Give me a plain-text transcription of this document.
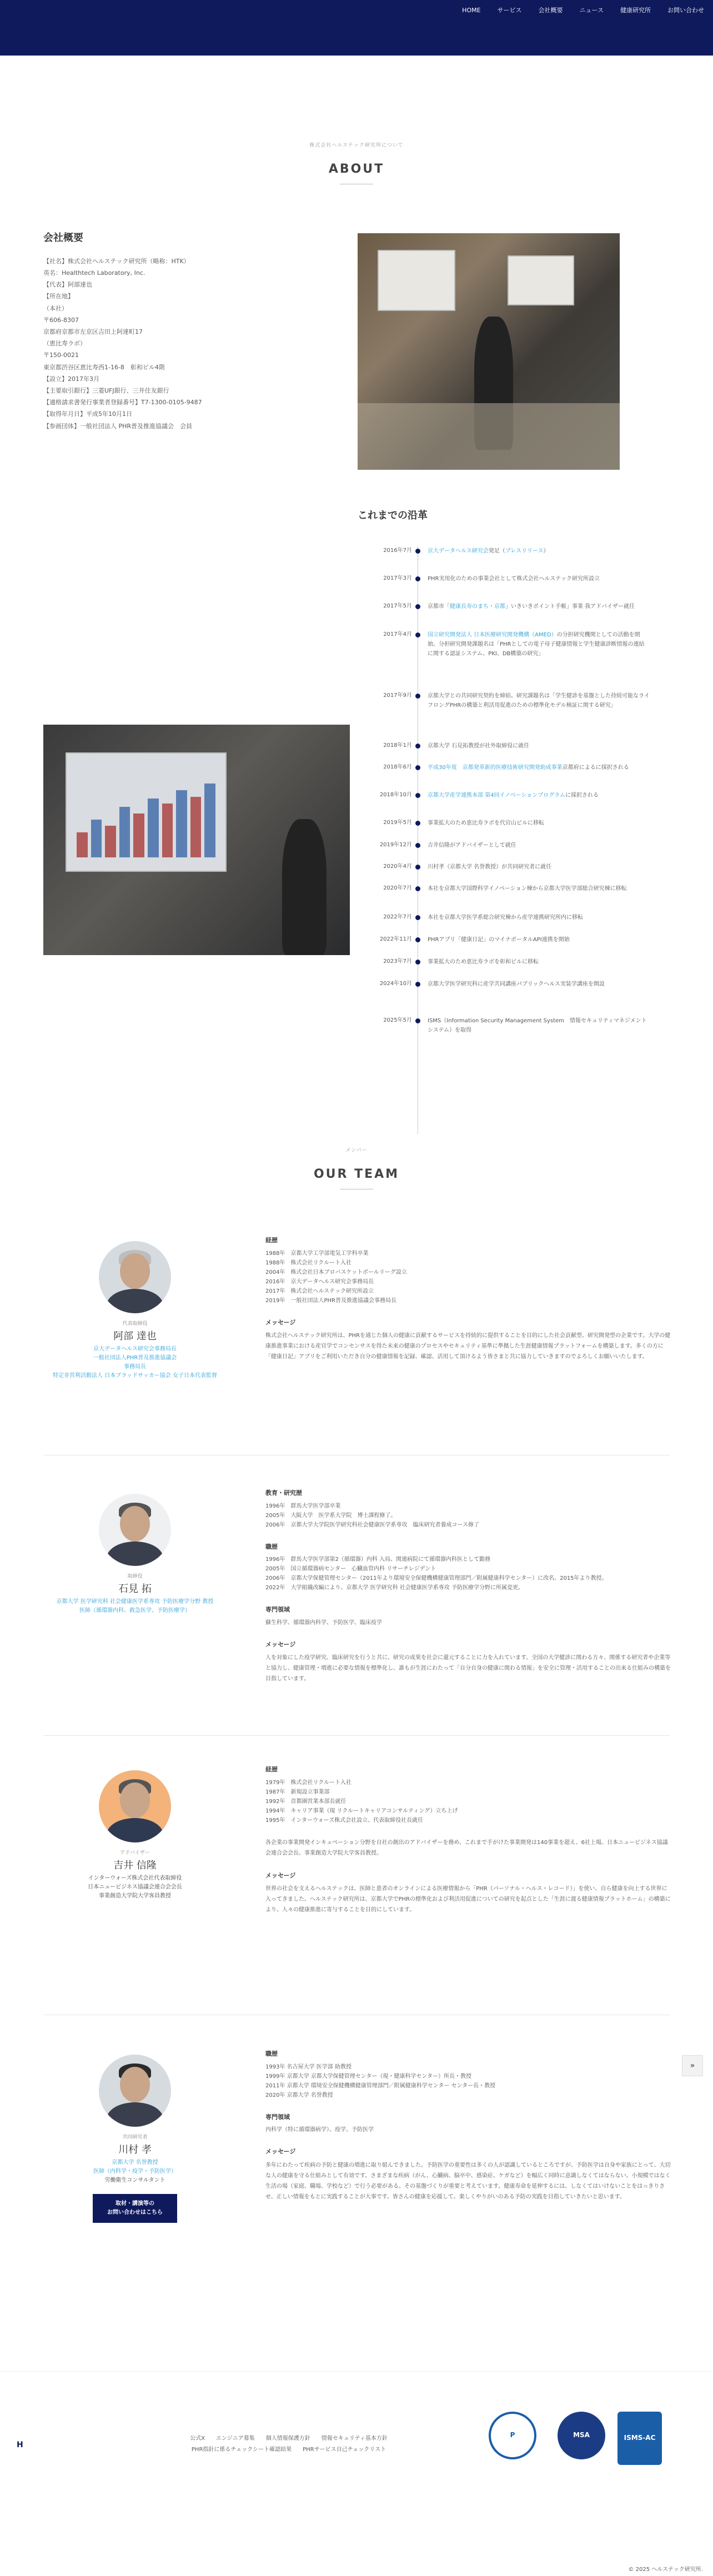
HOME	サービス	会社概要	ニュース	健康研究所	お問い合わせ
株式会社ヘルステック研究所について
ABOUT
会社概要
【社名】株式会社ヘルステック研究所（略称：HTK）
英名：Healthtech Laboratory, Inc.
【代表】阿部達也
【所在地】
（本社）
〒606-8307
京都府京都市左京区吉田上阿達町17
（恵比寿ラボ）
〒150-0021
東京都渋谷区恵比寿西1-16-8　彰和ビル4階
【設立】2017年3月
【主要取引銀行】三菱UFJ銀行、三井住友銀行
【適格請求書発行事業者登録番号】T7-1300-0105-9487
【取得年月日】平成5年10月1日
【参画団体】一般社団法人 PHR普及推進協議会　会員
これまでの沿革
2016年7月	京大データヘルス研究会発足（プレスリリース）
2017年3月	PHR実用化のための事業会社として株式会社ヘルステック研究所設立
2017年5月	京都市「健康長寿のまち・京都」いきいきポイント手帳」事業 我アドバイザー就任
2017年4月	国立研究開発法人 日本医療研究開発機構（AMED）の分担研究機関としての活動を開始。分担研究開発課題名は「PHRとしての電子母子健康情報と学生健康診断情報の連結に関する認証システム、PKI、DB構築の研究」
2017年9月	京都大学との共同研究契約を締結。研究課題名は「学生健診を基盤とした持続可能なライフロングPHRの構築と利活用促進のための標準化モデル検証に関する研究」
2018年1月	京都大学 石見拓教授が社外取締役に就任
2018年6月	平成30年度　京都発革新的医療技術研究開発助成事業京都府によるに採択される
2018年10月	京都大学産学連携本部 第4回イノベーションプログラムに採択される
2019年5月	事業拡大のため恵比寿ラボを代官山ビルに移転
2019年12月	吉井信隆がアドバイザーとして就任
2020年4月	川村孝（京都大学 名誉教授）が共同研究者に就任
2020年7月	本社を京都大学国際科学イノベーション棟から京都大学医学部総合研究棟に移転
2022年7月	本社を京都大学医学系総合研究棟から産学連携研究所内に移転
2022年11月	PHRアプリ「健康日記」のマイナポータルAPI連携を開始
2023年7月	事業拡大のため恵比寿ラボを彰和ビルに移転
2024年10月	京都大学医学研究科に産学共同講座パブリックヘルス実装学講座を開設
2025年5月	ISMS（Information Security Management System　情報セキュリティマネジメントシステム）を取得
メンバー
OUR TEAM
代表取締役
阿部 達也
京大データヘルス研究会事務局長
一般社団法人PHR普及推進協議会
事務局長
特定非営利活動法人 日本ブラッドサッカー協会 女子日本代表監督
経歴
1988年　京都大学工学部電気工学科卒業
1988年　株式会社リクルート入社
2004年　株式会社日本ブロバスケットボールリーグ設立
2016年　京大データヘルス研究会事務局長
2017年　株式会社ヘルステック研究所設立
2019年　一般社団法人PHR普及推進協議会事務局長
メッセージ
株式会社ヘルステック研究所は、PHRを通じた個人の健康に貢献するサービスを持続的に提供することを目的にした社会貢献型、研究開発型の企業です。大学の健康推進事業における産官学でコンセンサスを得た未来の健康のプロセスやセキュリティ基準に準拠した生涯健康情報プラットフォームを構築します。多くの方に「健康日記」アプリをご利用いただき自分の健康情報を記録、確認、活用して頂けるよう皆さまと共に協力していきますのでよろしくお願いいたします。
取締役
石見 拓
京都大学 医学研究科 社会健康医学系専攻 予防医療学分野 教授
医師（循環器内科、救急医学、予防医療学）
教育・研究歴
1996年　群馬大学医学部卒業
2005年　大阪大学　医学系大学院　博士課程修了。
2006年　京都大学大学院医学研究科社会健康医学系専攻　臨床研究者養成コース修了
職歴
1996年　群馬大学医学部第2（循環器）内科 入局、関連病院にて循環器内科医として勤務
2005年　国立循環器病センター　心臓血管内科 リサーチレジデント
2006年　京都大学保健管理センター（2011年より環境安全保健機構健康管理部門／附属健康科学センター）に改名。2015年より教授。
2022年　大学組織改編により、京都大学 医学研究科 社会健康医学系専攻 予防医療学分野に所属変更。
専門領域
蘇生科学、循環器内科学、予防医学、臨床疫学
メッセージ
人を対象にした疫学研究、臨床研究を行うと共に、研究の成果を社会に還元することに力を入れています。全国の大学健診に関わる方々、関係する研究者や企業等と協力し、健康管理・増進に必要な情報を標準化し、誰もが生涯にわたって「自分自身の健康に関わる情報」を安全に管理・活用することの出来る仕組みの構築を目指しています。
アドバイザー
吉井 信隆
インターウォーズ株式会社代表取締役
日本ニュービジネス協議会連合会会長
事業創造大学院大学客員教授
経歴
1979年　株式会社リクルート入社
1987年　新規設立事業部
1992年　首都圏営業本部長就任
1994年　キャリア事業（現 リクルートキャリアコンサルティング）立ち上げ
1995年　インターウォーズ株式会社設立、代表取締役社長就任
各企業の事業開発インキュベーション分野を自社の創出のアドバイザーを務め、これまで手がけた事業開発は140事業を超え、6社上場。日本ニュービジネス協議会連合会会長、事業創造大学院大学客員教授。
メッセージ
世界の社会を支えるヘルステックは、医師と患者のオンラインによる医療情報から「PHR（パーソナル・ヘルス・レコード）」を使い、自ら健康を向上する世界に入ってきました。ヘルステック研究所は、京都大学でPHRの標準化および利活用促進についての研究を起点とした「生涯に渡る健康情報プラットホーム」の構築により、人々の健康推進に寄与することを目的にしています。
共同研究者
川村 孝
京都大学 名誉教授
医師（内科学・疫学・予防医学）
労働衛生コンサルタント
取材・講演等の
お問い合わせはこちら
職歴
1993年 名古屋大学 医学部 助教授
1999年 京都大学 京都大学保健管理センター（現・健康科学センター）所長・教授
2011年 京都大学 環境安全保健機構健康管理部門／附属健康科学センター センター長・教授
2020年 京都大学 名誉教授
専門領域
内科学（特に循環器病学）、疫学、予防医学
メッセージ
多年にわたって疾病の予防と健康の増進に取り組んできました。予防医学の重要性は多くの人が認識しているところですが、予防医学は自身や家族にとって、大切な人の健康を守る仕組みとして有効です。さまざまな疾病（がん、心臓病、脳卒中、感染症、ケガなど）を幅広く同時に意識しなくてはならない。小規模ではなく生活の場（家庭、職場、学校など）で行う必要がある。その基盤づくりが重要と考えています。健康寿命を延伸するには、しなくてはいけないことをはっきりさせ、正しい情報をもとに実践することが大事です。皆さんの健康を応援して、楽しくやりがいのある予防の実践を目指していきたいと思います。
»
H
公式X エンジニア募集 個人情報保護方針 情報セキュリティ基本方針
PHR指針に係るチェックシート確認結果 PHRサービス自己チェックリスト
P	MSA	ISMS-AC
© 2025 ヘルステック研究所.
